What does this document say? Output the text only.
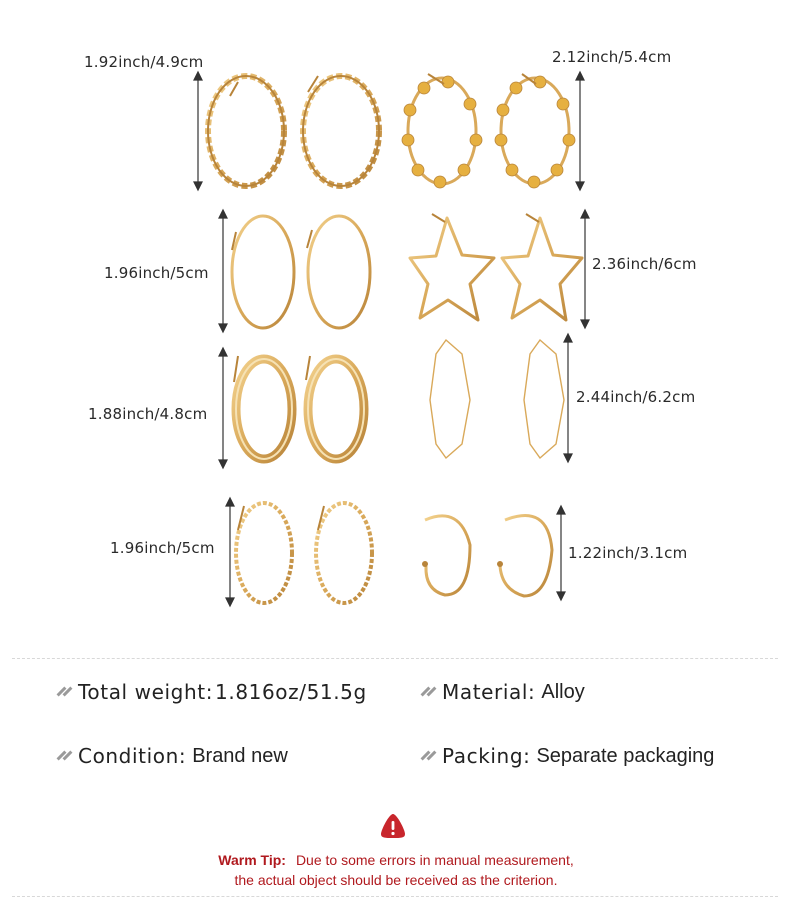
1.92inch/4.9cm	2.12inch/5.4cm
1.96inch/5cm	2.36inch/6cm
1.88inch/4.8cm
2.44inch/6.2cm
1.96inch/5cm	1.22inch/3.1cm
Total weight: 1.816oz/51.5g	Material: Alloy
Condition: Brand new	Packing: Separate packaging
Warm Tip: Due to some errors in manual measurement,
the actual object should be received as the criterion.
